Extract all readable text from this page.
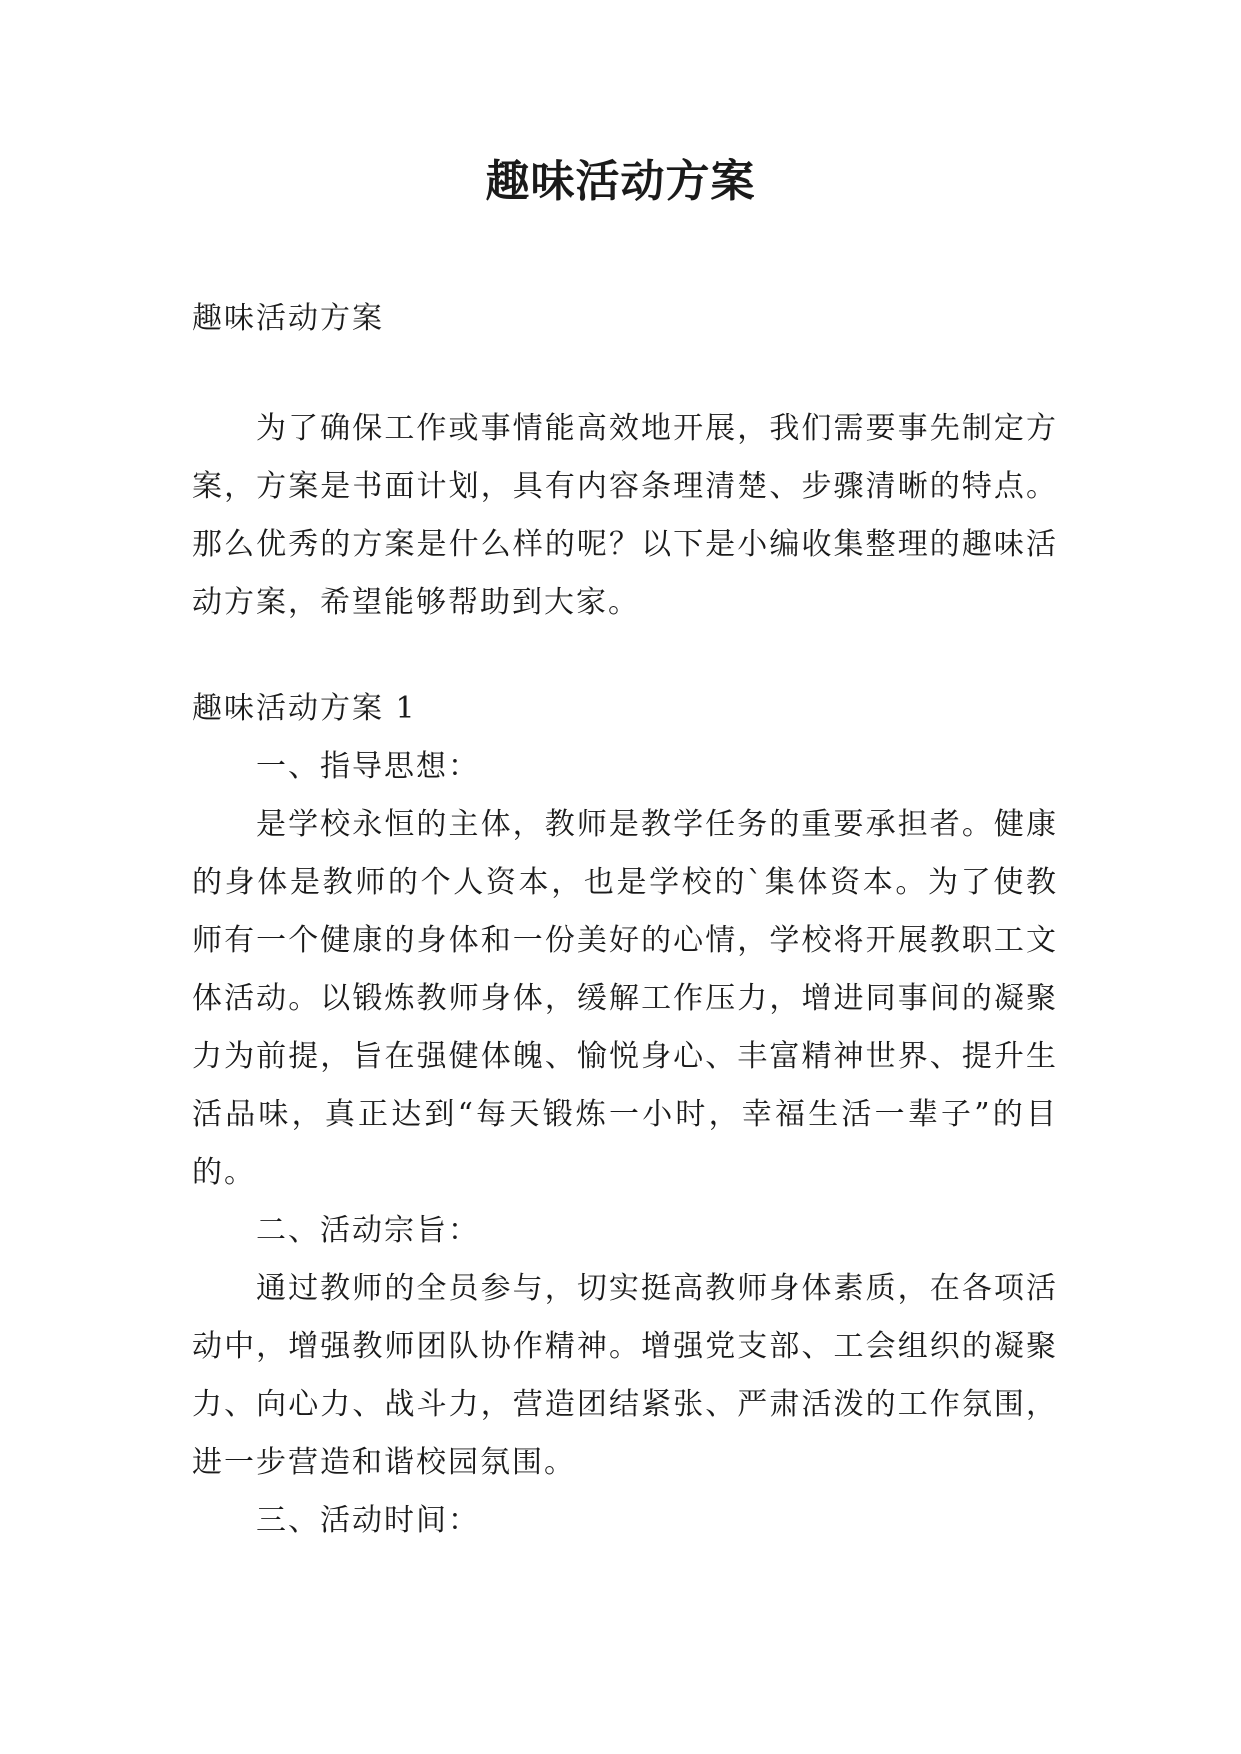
趣味活动方案

趣味活动方案

为了确保工作或事情能高效地开展，我们需要事先制定方案，方案是书面计划，具有内容条理清楚、步骤清晰的特点。那么优秀的方案是什么样的呢？以下是小编收集整理的趣味活动方案，希望能够帮助到大家。

趣味活动方案 1

一、指导思想：

是学校永恒的主体，教师是教学任务的重要承担者。健康的身体是教师的个人资本，也是学校的`集体资本。为了使教师有一个健康的身体和一份美好的心情，学校将开展教职工文体活动。以锻炼教师身体，缓解工作压力，增进同事间的凝聚力为前提，旨在强健体魄、愉悦身心、丰富精神世界、提升生活品味，真正达到“每天锻炼一小时，幸福生活一辈子”的目的。

二、活动宗旨：

通过教师的全员参与，切实挺高教师身体素质，在各项活动中，增强教师团队协作精神。增强党支部、工会组织的凝聚力、向心力、战斗力，营造团结紧张、严肃活泼的工作氛围，进一步营造和谐校园氛围。

三、活动时间：
